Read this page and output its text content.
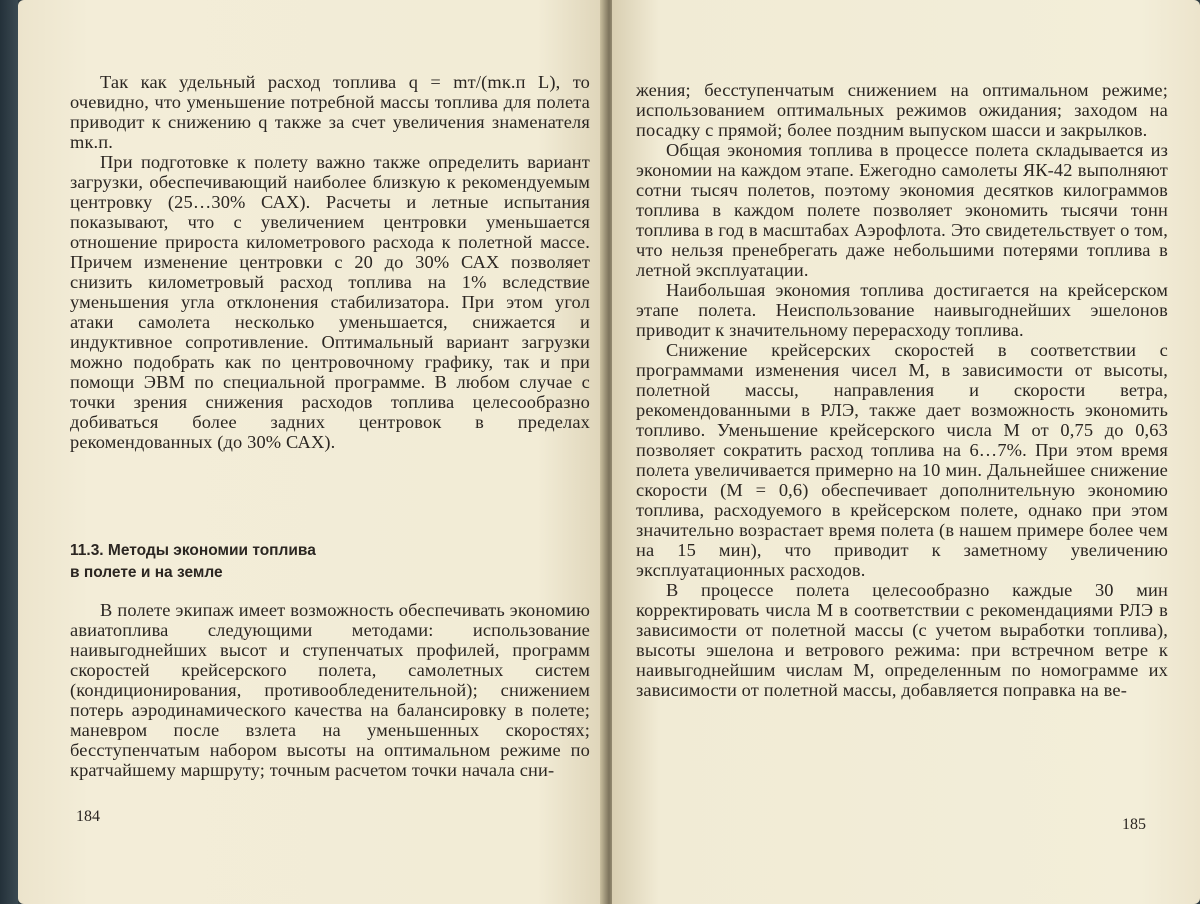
Так как удельный расход топлива q = mт/(mк.п L), то очевидно, что уменьшение потребной массы топлива для полета приводит к снижению q также за счет увеличения знаменателя mк.п.

При подготовке к полету важно также определить вариант загрузки, обеспечивающий наиболее близкую к рекомендуемым центровку (25…30% САХ). Расчеты и летные испытания показывают, что с увеличением центровки уменьшается отношение прироста километрового расхода к полетной массе. Причем изменение центровки с 20 до 30% САХ позволяет снизить километровый расход топлива на 1% вследствие уменьшения угла отклонения стабилизатора. При этом угол атаки самолета несколько уменьшается, снижается и индуктивное сопротивление. Оптимальный вариант загрузки можно подобрать как по центровочному графику, так и при помощи ЭВМ по специальной программе. В любом случае с точки зрения снижения расходов топлива целесообразно добиваться более задних центровок в пределах рекомендованных (до 30% САХ).

11.3. Методы экономии топлива
в полете и на земле

В полете экипаж имеет возможность обеспечивать экономию авиатоплива следующими методами: использование наивыгоднейших высот и ступенчатых профилей, программ скоростей крейсерского полета, самолетных систем (кондиционирования, противообледенительной); снижением потерь аэродинамического качества на балансировку в полете; маневром после взлета на уменьшенных скоростях; бесступенчатым набором высоты на оптимальном режиме по кратчайшему маршруту; точным расчетом точки начала сни-

184

жения; бесступенчатым снижением на оптимальном режиме; использованием оптимальных режимов ожидания; заходом на посадку с прямой; более поздним выпуском шасси и закрылков.

Общая экономия топлива в процессе полета складывается из экономии на каждом этапе. Ежегодно самолеты ЯК-42 выполняют сотни тысяч полетов, поэтому экономия десятков килограммов топлива в каждом полете позволяет экономить тысячи тонн топлива в год в масштабах Аэрофлота. Это свидетельствует о том, что нельзя пренебрегать даже небольшими потерями топлива в летной эксплуатации.

Наибольшая экономия топлива достигается на крейсерском этапе полета. Неиспользование наивыгоднейших эшелонов приводит к значительному перерасходу топлива.

Снижение крейсерских скоростей в соответствии с программами изменения чисел М, в зависимости от высоты, полетной массы, направления и скорости ветра, рекомендованными в РЛЭ, также дает возможность экономить топливо. Уменьшение крейсерского числа М от 0,75 до 0,63 позволяет сократить расход топлива на 6…7%. При этом время полета увеличивается примерно на 10 мин. Дальнейшее снижение скорости (М = 0,6) обеспечивает дополнительную экономию топлива, расходуемого в крейсерском полете, однако при этом значительно возрастает время полета (в нашем примере более чем на 15 мин), что приводит к заметному увеличению эксплуатационных расходов.

В процессе полета целесообразно каждые 30 мин корректировать числа М в соответствии с рекомендациями РЛЭ в зависимости от полетной массы (с учетом выработки топлива), высоты эшелона и ветрового режима: при встречном ветре к наивыгоднейшим числам М, определенным по номограмме их зависимости от полетной массы, добавляется поправка на ве-

185
